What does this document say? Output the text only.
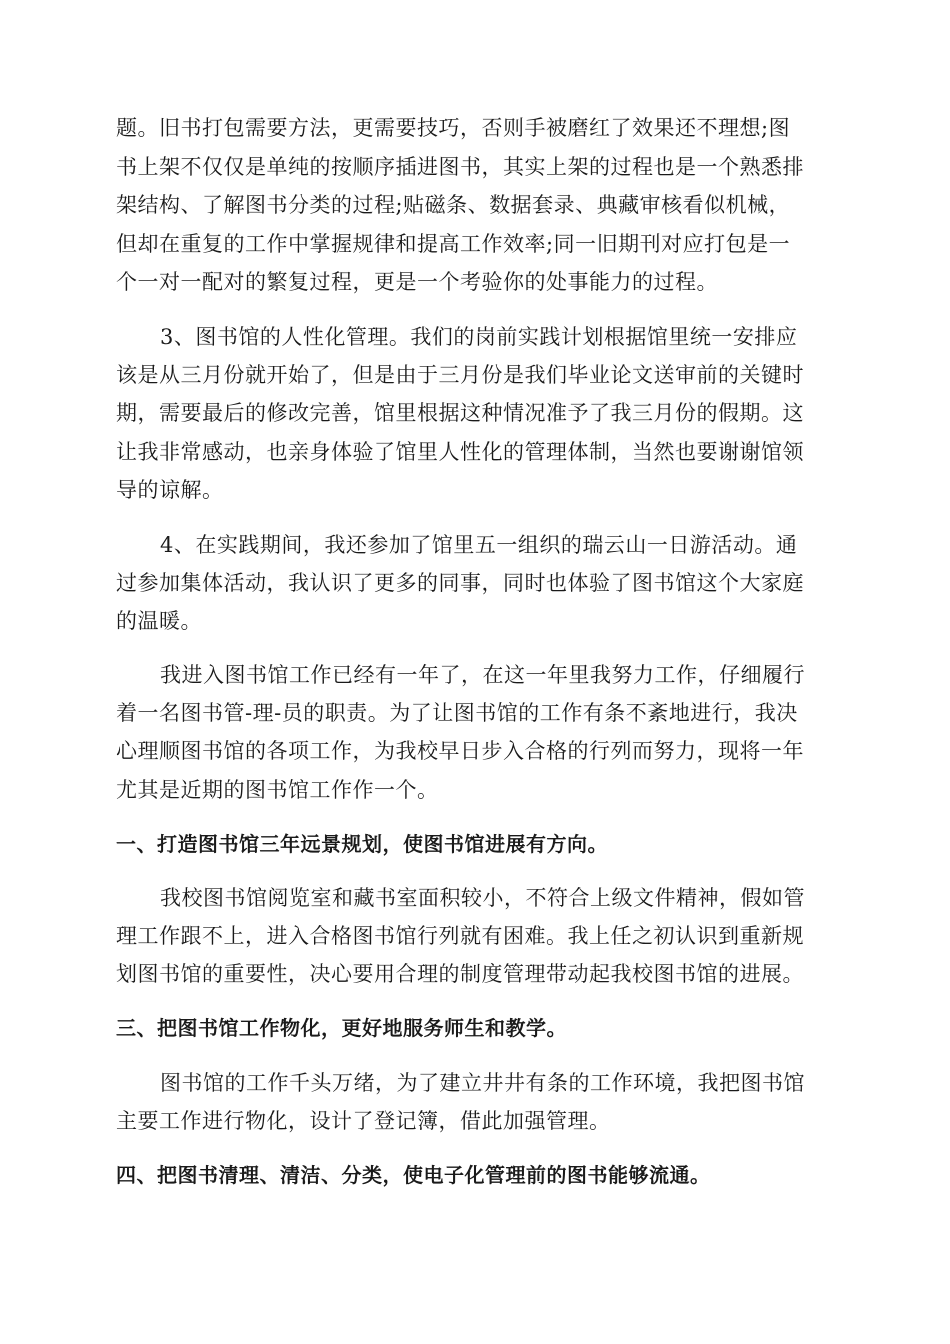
题。旧书打包需要方法，更需要技巧，否则手被磨红了效果还不理想;图
书上架不仅仅是单纯的按顺序插进图书，其实上架的过程也是一个熟悉排
架结构、了解图书分类的过程;贴磁条、数据套录、典藏审核看似机械，
但却在重复的工作中掌握规律和提高工作效率;同一旧期刊对应打包是一
个一对一配对的繁复过程，更是一个考验你的处事能力的过程。
3、图书馆的人性化管理。我们的岗前实践计划根据馆里统一安排应
该是从三月份就开始了，但是由于三月份是我们毕业论文送审前的关键时
期，需要最后的修改完善，馆里根据这种情况准予了我三月份的假期。这
让我非常感动，也亲身体验了馆里人性化的管理体制，当然也要谢谢馆领
导的谅解。
4、在实践期间，我还参加了馆里五一组织的瑞云山一日游活动。通
过参加集体活动，我认识了更多的同事，同时也体验了图书馆这个大家庭
的温暖。
我进入图书馆工作已经有一年了，在这一年里我努力工作，仔细履行
着一名图书管-理-员的职责。为了让图书馆的工作有条不紊地进行，我决
心理顺图书馆的各项工作，为我校早日步入合格的行列而努力，现将一年
尤其是近期的图书馆工作作一个。
一、打造图书馆三年远景规划，使图书馆进展有方向。
我校图书馆阅览室和藏书室面积较小，不符合上级文件精神，假如管
理工作跟不上，进入合格图书馆行列就有困难。我上任之初认识到重新规
划图书馆的重要性，决心要用合理的制度管理带动起我校图书馆的进展。
三、把图书馆工作物化，更好地服务师生和教学。
图书馆的工作千头万绪，为了建立井井有条的工作环境，我把图书馆
主要工作进行物化，设计了登记簿，借此加强管理。
四、把图书清理、清洁、分类，使电子化管理前的图书能够流通。
